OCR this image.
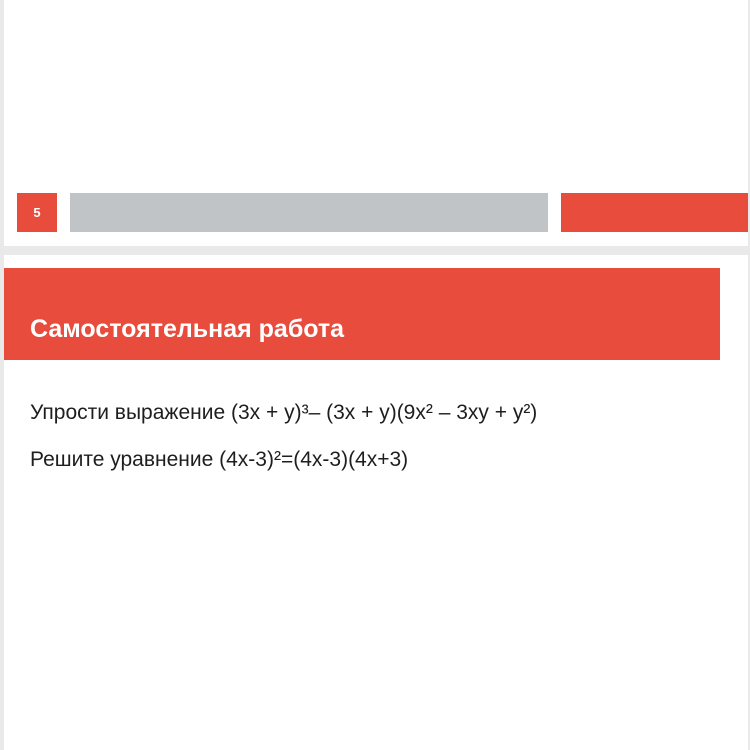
5
Самостоятельная работа
Упрости выражение (3x + y)³– (3x + y)(9x² – 3xy + y²)
Решите уравнение (4x-3)²=(4x-3)(4x+3)
